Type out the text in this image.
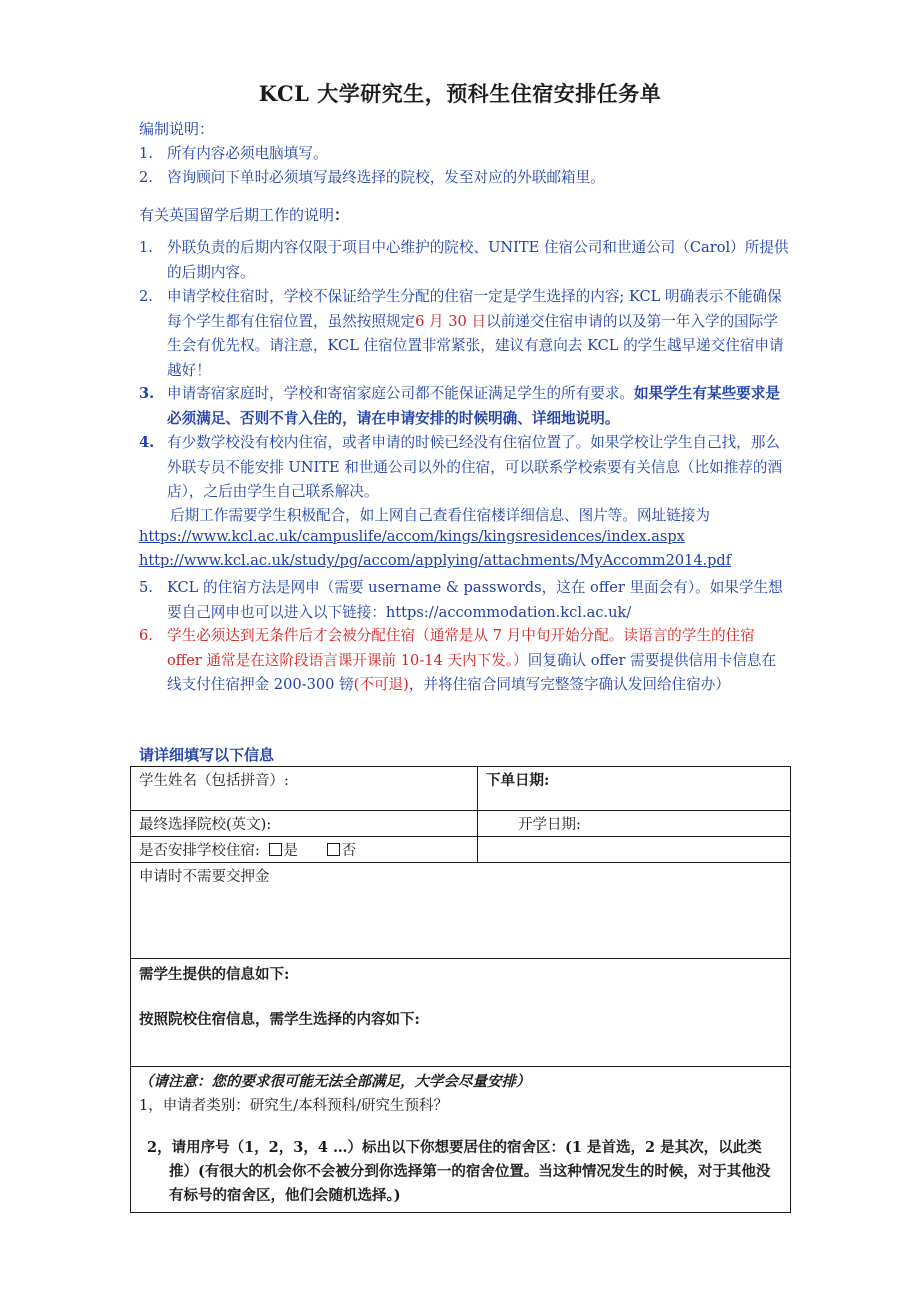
KCL 大学研究生，预科生住宿安排任务单
编制说明：
1. 所有内容必须电脑填写。
2. 咨询顾问下单时必须填写最终选择的院校，发至对应的外联邮箱里。
有关英国留学后期工作的说明：
1. 外联负责的后期内容仅限于项目中心维护的院校、UNITE 住宿公司和世通公司（Carol）所提供的后期内容。
2. 申请学校住宿时，学校不保证给学生分配的住宿一定是学生选择的内容; KCL 明确表示不能确保每个学生都有住宿位置，虽然按照规定6 月 30 日以前递交住宿申请的以及第一年入学的国际学生会有优先权。请注意，KCL 住宿位置非常紧张，建议有意向去 KCL 的学生越早递交住宿申请越好！
3. 申请寄宿家庭时，学校和寄宿家庭公司都不能保证满足学生的所有要求。如果学生有某些要求是必须满足、否则不肯入住的，请在申请安排的时候明确、详细地说明。
4. 有少数学校没有校内住宿，或者申请的时候已经没有住宿位置了。如果学校让学生自己找，那么外联专员不能安排 UNITE 和世通公司以外的住宿，可以联系学校索要有关信息（比如推荐的酒店），之后由学生自己联系解决。
后期工作需要学生积极配合，如上网自己查看住宿楼详细信息、图片等。网址链接为
https://www.kcl.ac.uk/campuslife/accom/kings/kingsresidences/index.aspx
http://www.kcl.ac.uk/study/pg/accom/applying/attachments/MyAccomm2014.pdf
5. KCL 的住宿方法是网申（需要 username & passwords，这在 offer 里面会有）。如果学生想要自己网申也可以进入以下链接：https://accommodation.kcl.ac.uk/
6. 学生必须达到无条件后才会被分配住宿（通常是从 7 月中旬开始分配。读语言的学生的住宿 offer 通常是在这阶段语言课开课前 10-14 天内下发。）回复确认 offer 需要提供信用卡信息在线支付住宿押金 200-300 镑(不可退)，并将住宿合同填写完整签字确认发回给住宿办）
请详细填写以下信息
学生姓名（包括拼音）:	下单日期:
最终选择院校(英文):	开学日期:
是否安排学校住宿: 是 否	
申请时不需要交押金	

需学生提供的信息如下:
按照院校住宿信息，需学生选择的内容如下:	

（请注意：您的要求很可能无法全部满足，大学会尽量安排）
1，申请者类别：研究生/本科预科/研究生预科？
2，请用序号（1，2，3，4 …）标出以下你想要居住的宿舍区：(1 是首选，2 是其次，以此类推）(有很大的机会你不会被分到你选择第一的宿舍位置。当这种情况发生的时候，对于其他没有标号的宿舍区，他们会随机选择。)	
